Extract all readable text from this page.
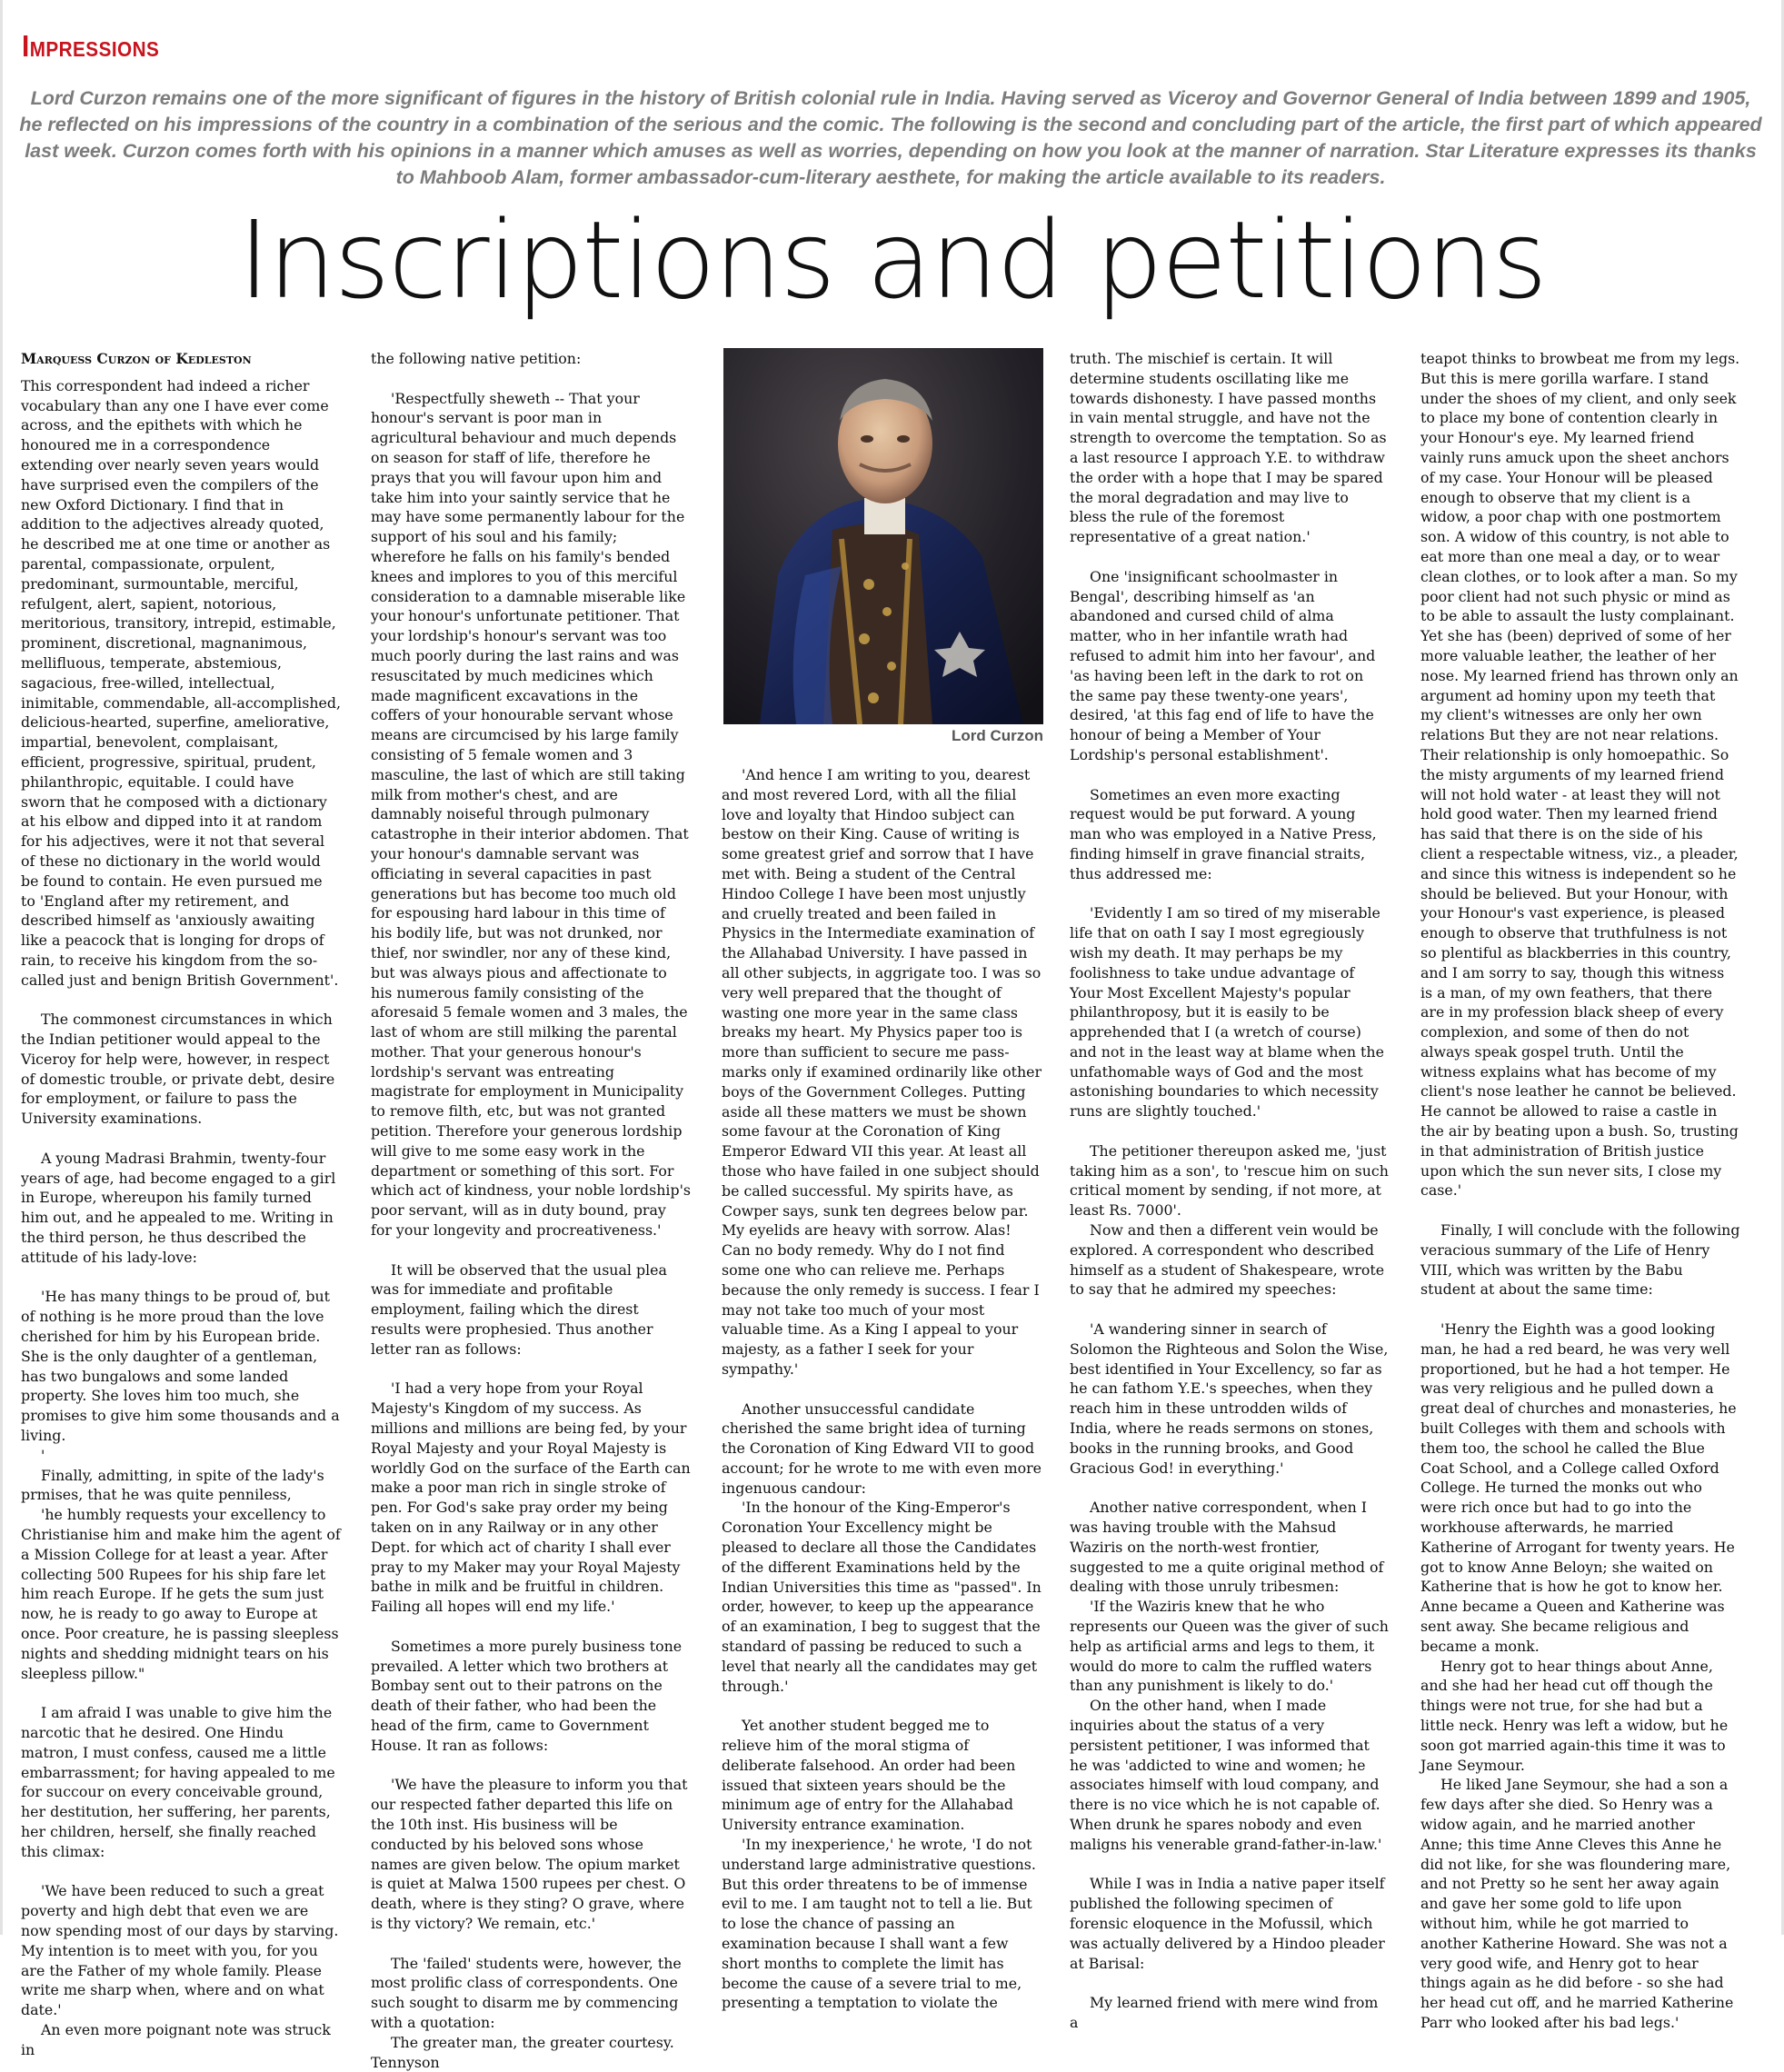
Impressions
Lord Curzon remains one of the more significant of figures in the history of British colonial rule in India. Having served as Viceroy and Governor General of India between 1899 and 1905, he reflected on his impressions of the country in a combination of the serious and the comic. The following is the second and concluding part of the article, the first part of which appeared last week. Curzon comes forth with his opinions in a manner which amuses as well as worries, depending on how you look at the manner of narration. Star Literature expresses its thanks to Mahboob Alam, former ambassador-cum-literary aesthete, for making the article available to its readers.
Inscriptions and petitions
Marquess Curzon of Kedleston

This correspondent had indeed a richer vocabulary than any one I have ever come across, and the epithets with which he honoured me in a correspondence extending over nearly seven years would have surprised even the compilers of the new Oxford Dictionary. I find that in addition to the adjectives already quoted, he described me at one time or another as parental, compassionate, orpulent, predominant, surmountable, merciful, refulgent, alert, sapient, notorious, meritorious, transitory, intrepid, estimable, prominent, discretional, magnanimous, mellifluous, temperate, abstemious, sagacious, free-willed, intellectual, inimitable, commendable, all-accomplished, delicious-hearted, superfine, ameliorative, impartial, benevolent, complaisant, efficient, progressive, spiritual, prudent, philanthropic, equitable. I could have sworn that he composed with a dictionary at his elbow and dipped into it at random for his adjectives, were it not that several of these no dictionary in the world would be found to contain. He even pursued me to 'England after my retirement, and described himself as 'anxiously awaiting like a peacock that is longing for drops of rain, to receive his kingdom from the so-called just and benign British Government'.

The commonest circumstances in which the Indian petitioner would appeal to the Viceroy for help were, however, in respect of domestic trouble, or private debt, desire for employment, or failure to pass the University examinations.

A young Madrasi Brahmin, twenty-four years of age, had become engaged to a girl in Europe, whereupon his family turned him out, and he appealed to me. Writing in the third person, he thus described the attitude of his lady-love:

'He has many things to be proud of, but of nothing is he more proud than the love cherished for him by his European bride. She is the only daughter of a gentleman, has two bungalows and some landed property. She loves him too much, she promises to give him some thousands and a living.

'

Finally, admitting, in spite of the lady's prmises, that he was quite penniless,

'he humbly requests your excellency to Christianise him and make him the agent of a Mission College for at least a year. After collecting 500 Rupees for his ship fare let him reach Europe. If he gets the sum just now, he is ready to go away to Europe at once. Poor creature, he is passing sleepless nights and shedding midnight tears on his sleepless pillow."

I am afraid I was unable to give him the narcotic that he desired. One Hindu matron, I must confess, caused me a little embarrassment; for having appealed to me for succour on every conceivable ground, her destitution, her suffering, her parents, her children, herself, she finally reached this climax:

'We have been reduced to such a great poverty and high debt that even we are now spending most of our days by starving. My intention is to meet with you, for you are the Father of my whole family. Please write me sharp when, where and on what date.'

An even more poignant note was struck in

the following native petition:

'Respectfully sheweth -- That your honour's servant is poor man in agricultural behaviour and much depends on season for staff of life, therefore he prays that you will favour upon him and take him into your saintly service that he may have some permanently labour for the support of his soul and his family; wherefore he falls on his family's bended knees and implores to you of this merciful consideration to a damnable miserable like your honour's unfortunate petitioner. That your lordship's honour's servant was too much poorly during the last rains and was resuscitated by much medicines which made magnificent excavations in the coffers of your honourable servant whose means are circumcised by his large family consisting of 5 female women and 3 masculine, the last of which are still taking milk from mother's chest, and are damnably noiseful through pulmonary catastrophe in their interior abdomen. That your honour's damnable servant was officiating in several capacities in past generations but has become too much old for espousing hard labour in this time of his bodily life, but was not drunked, nor thief, nor swindler, nor any of these kind, but was always pious and affectionate to his numerous family consisting of the aforesaid 5 female women and 3 males, the last of whom are still milking the parental mother. That your generous honour's lordship's servant was entreating magistrate for employment in Municipality to remove filth, etc, but was not granted petition. Therefore your generous lordship will give to me some easy work in the department or something of this sort. For which act of kindness, your noble lordship's poor servant, will as in duty bound, pray for your longevity and procreativeness.'

It will be observed that the usual plea was for immediate and profitable employment, failing which the direst results were prophesied. Thus another letter ran as follows:

'I had a very hope from your Royal Majesty's Kingdom of my success. As millions and millions are being fed, by your Royal Majesty and your Royal Majesty is worldly God on the surface of the Earth can make a poor man rich in single stroke of pen. For God's sake pray order my being taken on in any Railway or in any other Dept. for which act of charity I shall ever pray to my Maker may your Royal Majesty bathe in milk and be fruitful in children. Failing all hopes will end my life.'

Sometimes a more purely business tone prevailed. A letter which two brothers at Bombay sent out to their patrons on the death of their father, who had been the head of the firm, came to Government House. It ran as follows:

'We have the pleasure to inform you that our respected father departed this life on the 10th inst. His business will be conducted by his beloved sons whose names are given below. The opium market is quiet at Malwa 1500 rupees per chest. O death, where is they sting? O grave, where is thy victory? We remain, etc.'

The 'failed' students were, however, the most prolific class of correspondents. One such sought to disarm me by commencing with a quotation:

The greater man, the greater courtesy.

Tennyson

Lord Curzon

'And hence I am writing to you, dearest and most revered Lord, with all the filial love and loyalty that Hindoo subject can bestow on their King. Cause of writing is some greatest grief and sorrow that I have met with. Being a student of the Central Hindoo College I have been most unjustly and cruelly treated and been failed in Physics in the Intermediate examination of the Allahabad University. I have passed in all other subjects, in aggrigate too. I was so very well prepared that the thought of wasting one more year in the same class breaks my heart. My Physics paper too is more than sufficient to secure me pass-marks only if examined ordinarily like other boys of the Government Colleges. Putting aside all these matters we must be shown some favour at the Coronation of King Emperor Edward VII this year. At least all those who have failed in one subject should be called successful. My spirits have, as Cowper says, sunk ten degrees below par. My eyelids are heavy with sorrow. Alas! Can no body remedy. Why do I not find some one who can relieve me. Perhaps because the only remedy is success. I fear I may not take too much of your most valuable time. As a King I appeal to your majesty, as a father I seek for your sympathy.'

Another unsuccessful candidate cherished the same bright idea of turning the Coronation of King Edward VII to good account; for he wrote to me with even more ingenuous candour:

'In the honour of the King-Emperor's Coronation Your Excellency might be pleased to declare all those the Candidates of the different Examinations held by the Indian Universities this time as "passed". In order, however, to keep up the appearance of an examination, I beg to suggest that the standard of passing be reduced to such a level that nearly all the candidates may get through.'

Yet another student begged me to relieve him of the moral stigma of deliberate falsehood. An order had been issued that sixteen years should be the minimum age of entry for the Allahabad University entrance examination.

'In my inexperience,' he wrote, 'I do not understand large administrative questions. But this order threatens to be of immense evil to me. I am taught not to tell a lie. But to lose the chance of passing an examination because I shall want a few short months to complete the limit has become the cause of a severe trial to me, presenting a temptation to violate the

truth. The mischief is certain. It will determine students oscillating like me towards dishonesty. I have passed months in vain mental struggle, and have not the strength to overcome the temptation. So as a last resource I approach Y.E. to withdraw the order with a hope that I may be spared the moral degradation and may live to bless the rule of the foremost representative of a great nation.'

One 'insignificant schoolmaster in Bengal', describing himself as 'an abandoned and cursed child of alma matter, who in her infantile wrath had refused to admit him into her favour', and 'as having been left in the dark to rot on the same pay these twenty-one years', desired, 'at this fag end of life to have the honour of being a Member of Your Lordship's personal establishment'.

Sometimes an even more exacting request would be put forward. A young man who was employed in a Native Press, finding himself in grave financial straits, thus addressed me:

'Evidently I am so tired of my miserable life that on oath I say I most egregiously wish my death. It may perhaps be my foolishness to take undue advantage of Your Most Excellent Majesty's popular philanthroposy, but it is easily to be apprehended that I (a wretch of course) and not in the least way at blame when the unfathomable ways of God and the most astonishing boundaries to which necessity runs are slightly touched.'

The petitioner thereupon asked me, 'just taking him as a son', to 'rescue him on such critical moment by sending, if not more, at least Rs. 7000'.

Now and then a different vein would be explored. A correspondent who described himself as a student of Shakespeare, wrote to say that he admired my speeches:

'A wandering sinner in search of Solomon the Righteous and Solon the Wise, best identified in Your Excellency, so far as he can fathom Y.E.'s speeches, when they reach him in these untrodden wilds of India, where he reads sermons on stones, books in the running brooks, and Good Gracious God! in everything.'

Another native correspondent, when I was having trouble with the Mahsud Waziris on the north-west frontier, suggested to me a quite original method of dealing with those unruly tribesmen:

'If the Waziris knew that he who represents our Queen was the giver of such help as artificial arms and legs to them, it would do more to calm the ruffled waters than any punishment is likely to do.'

On the other hand, when I made inquiries about the status of a very persistent petitioner, I was informed that he was 'addicted to wine and women; he associates himself with loud company, and there is no vice which he is not capable of. When drunk he spares nobody and even maligns his venerable grand-father-in-law.'

While I was in India a native paper itself published the following specimen of forensic eloquence in the Mofussil, which was actually delivered by a Hindoo pleader at Barisal:

My learned friend with mere wind from a

teapot thinks to browbeat me from my legs. But this is mere gorilla warfare. I stand under the shoes of my client, and only seek to place my bone of contention clearly in your Honour's eye. My learned friend vainly runs amuck upon the sheet anchors of my case. Your Honour will be pleased enough to observe that my client is a widow, a poor chap with one postmortem son. A widow of this country, is not able to eat more than one meal a day, or to wear clean clothes, or to look after a man. So my poor client had not such physic or mind as to be able to assault the lusty complainant. Yet she has (been) deprived of some of her more valuable leather, the leather of her nose. My learned friend has thrown only an argument ad hominy upon my teeth that my client's witnesses are only her own relations But they are not near relations. Their relationship is only homoepathic. So the misty arguments of my learned friend will not hold water - at least they will not hold good water. Then my learned friend has said that there is on the side of his client a respectable witness, viz., a pleader, and since this witness is independent so he should be believed. But your Honour, with your Honour's vast experience, is pleased enough to observe that truthfulness is not so plentiful as blackberries in this country, and I am sorry to say, though this witness is a man, of my own feathers, that there are in my profession black sheep of every complexion, and some of then do not always speak gospel truth. Until the witness explains what has become of my client's nose leather he cannot be believed. He cannot be allowed to raise a castle in the air by beating upon a bush. So, trusting in that administration of British justice upon which the sun never sits, I close my case.'

Finally, I will conclude with the following veracious summary of the Life of Henry VIII, which was written by the Babu student at about the same time:

'Henry the Eighth was a good looking man, he had a red beard, he was very well proportioned, but he had a hot temper. He was very religious and he pulled down a great deal of churches and monasteries, he built Colleges with them and schools with them too, the school he called the Blue Coat School, and a College called Oxford College. He turned the monks out who were rich once but had to go into the workhouse afterwards, he married Katherine of Arrogant for twenty years. He got to know Anne Beloyn; she waited on Katherine that is how he got to know her. Anne became a Queen and Katherine was sent away. She became religious and became a monk.

Henry got to hear things about Anne, and she had her head cut off though the things were not true, for she had but a little neck. Henry was left a widow, but he soon got married again-this time it was to Jane Seymour.

He liked Jane Seymour, she had a son a few days after she died. So Henry was a widow again, and he married another Anne; this time Anne Cleves this Anne he did not like, for she was floundering mare, and not Pretty so he sent her away again and gave her some gold to life upon without him, while he got married to another Katherine Howard. She was not a very good wife, and Henry got to hear things again as he did before - so she had her head cut off, and he married Katherine Parr who looked after his bad legs.'
